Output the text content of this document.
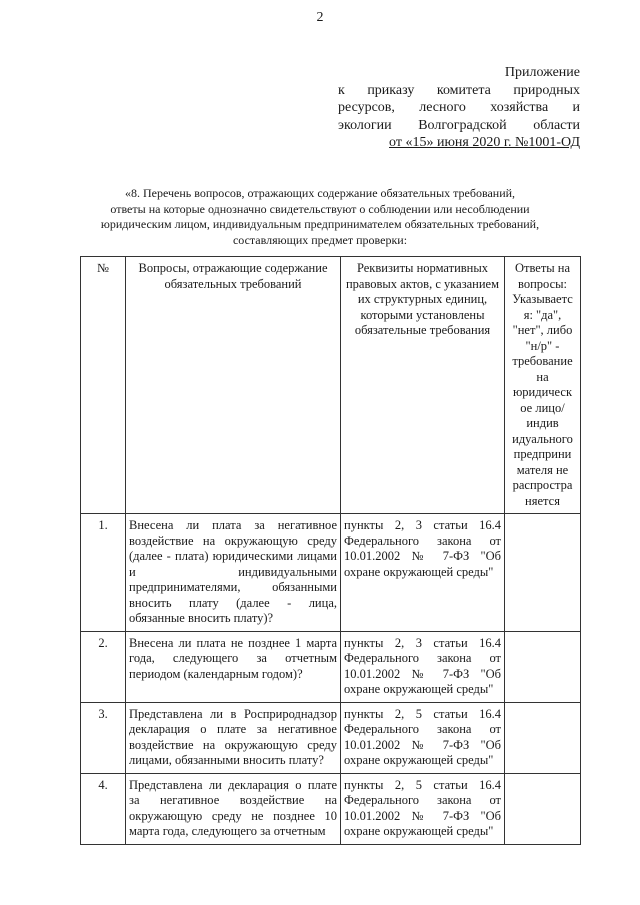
2
Приложение
к приказу комитета природных
ресурсов, лесного хозяйства и
экологии Волгоградской области
от «15» июня 2020 г. №1001-ОД
«8. Перечень вопросов, отражающих содержание обязательных требований,
ответы на которые однозначно свидетельствуют о соблюдении или несоблюдении
юридическим лицом, индивидуальным предпринимателем обязательных требований,
составляющих предмет проверки:
№	Вопросы, отражающие содержание обязательных требований	Реквизиты нормативных правовых актов, с указанием их структурных единиц, которыми установлены обязательные требования	Ответы на вопросы: Указываетс я: "да", "нет", либо "н/р" - требование на юридическ ое лицо/индив идуального предприни мателя не распростра няется
1.	Внесена ли плата за негативное воздействие на окружающую среду (далее - плата) юридическими лицами и индивидуальными предпринимателями, обязанными вносить плату (далее - лица, обязанные вносить плату)?	пункты 2, 3 статьи 16.4 Федерального закона от 10.01.2002 № 7-ФЗ "Об охране окружающей среды"	
2.	Внесена ли плата не позднее 1 марта года, следующего за отчетным периодом (календарным годом)?	пункты 2, 3 статьи 16.4 Федерального закона от 10.01.2002 № 7-ФЗ "Об охране окружающей среды"	
3.	Представлена ли в Росприроднадзор декларация о плате за негативное воздействие на окружающую среду лицами, обязанными вносить плату?	пункты 2, 5 статьи 16.4 Федерального закона от 10.01.2002 № 7-ФЗ "Об охране окружающей среды"	
4.	Представлена ли декларация о плате за негативное воздействие на окружающую среду не позднее 10 марта года, следующего за отчетным	пункты 2, 5 статьи 16.4 Федерального закона от 10.01.2002 № 7-ФЗ "Об охране окружающей среды"	
